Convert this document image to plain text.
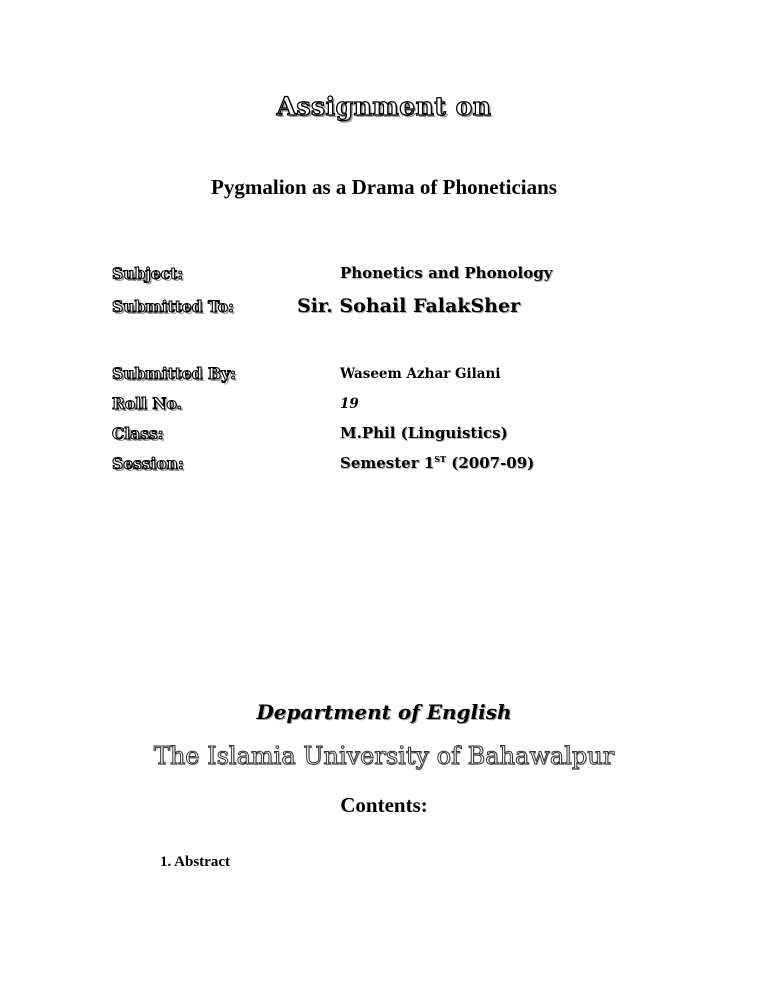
Assignment on
Pygmalion as a Drama of Phoneticians
Subject:	Phonetics and Phonology
Submitted To:	Sir. Sohail FalakSher
Submitted By:	Waseem Azhar Gilani
Roll No.	19
Class:	M.Phil (Linguistics)
Session:	Semester 1ST (2007-09)
Department of English
The Islamia University of Bahawalpur
Contents:
1. Abstract
